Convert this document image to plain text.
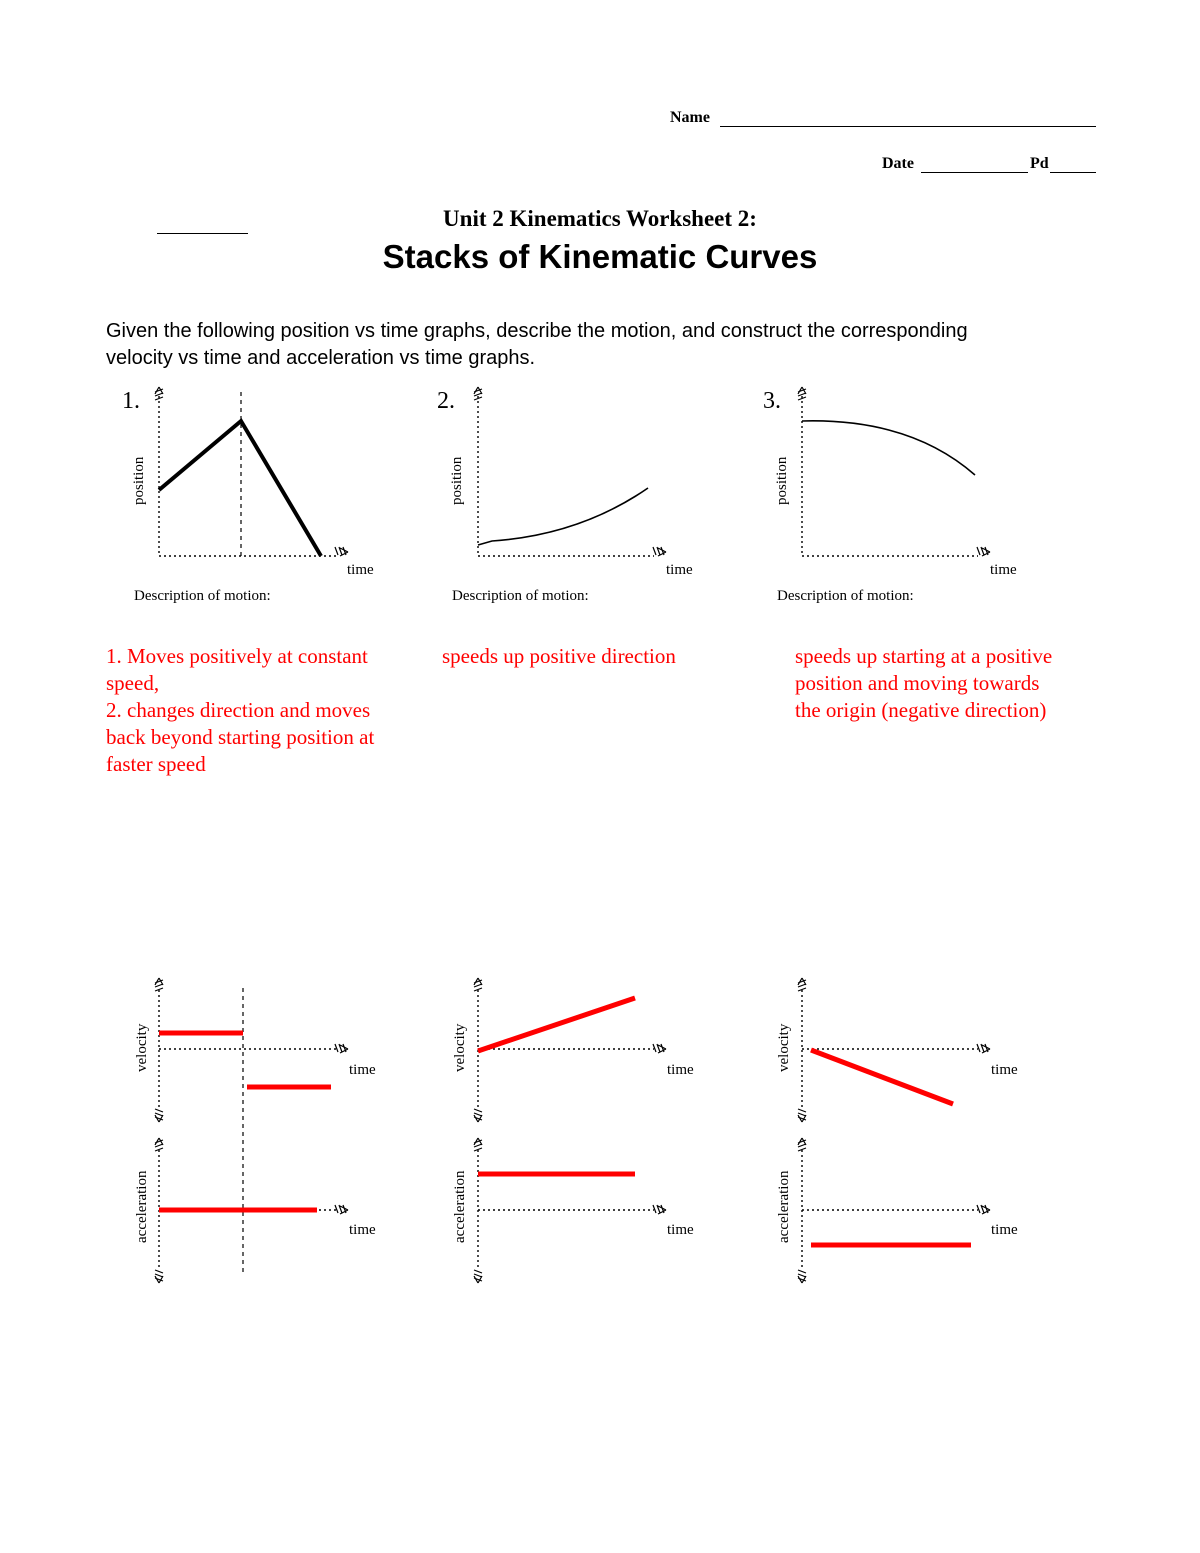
Name
Date	Pd
Unit 2 Kinematics Worksheet 2:
Stacks of Kinematic Curves
Given the following position vs time graphs, describe the motion, and construct the corresponding velocity vs time and acceleration vs time graphs.
1. Moves positively at constant
speed,
2. changes direction and moves
back beyond starting position at
faster speed
speeds up positive direction	speeds up starting at a positive
position and moving towards
the origin (negative direction)
1.
position
time
Description of motion:
2.
position
time
Description of motion:
3.
position
time
Description of motion:
velocity
acceleration
time
time
velocity
acceleration
time
time
velocity
acceleration
time
time
